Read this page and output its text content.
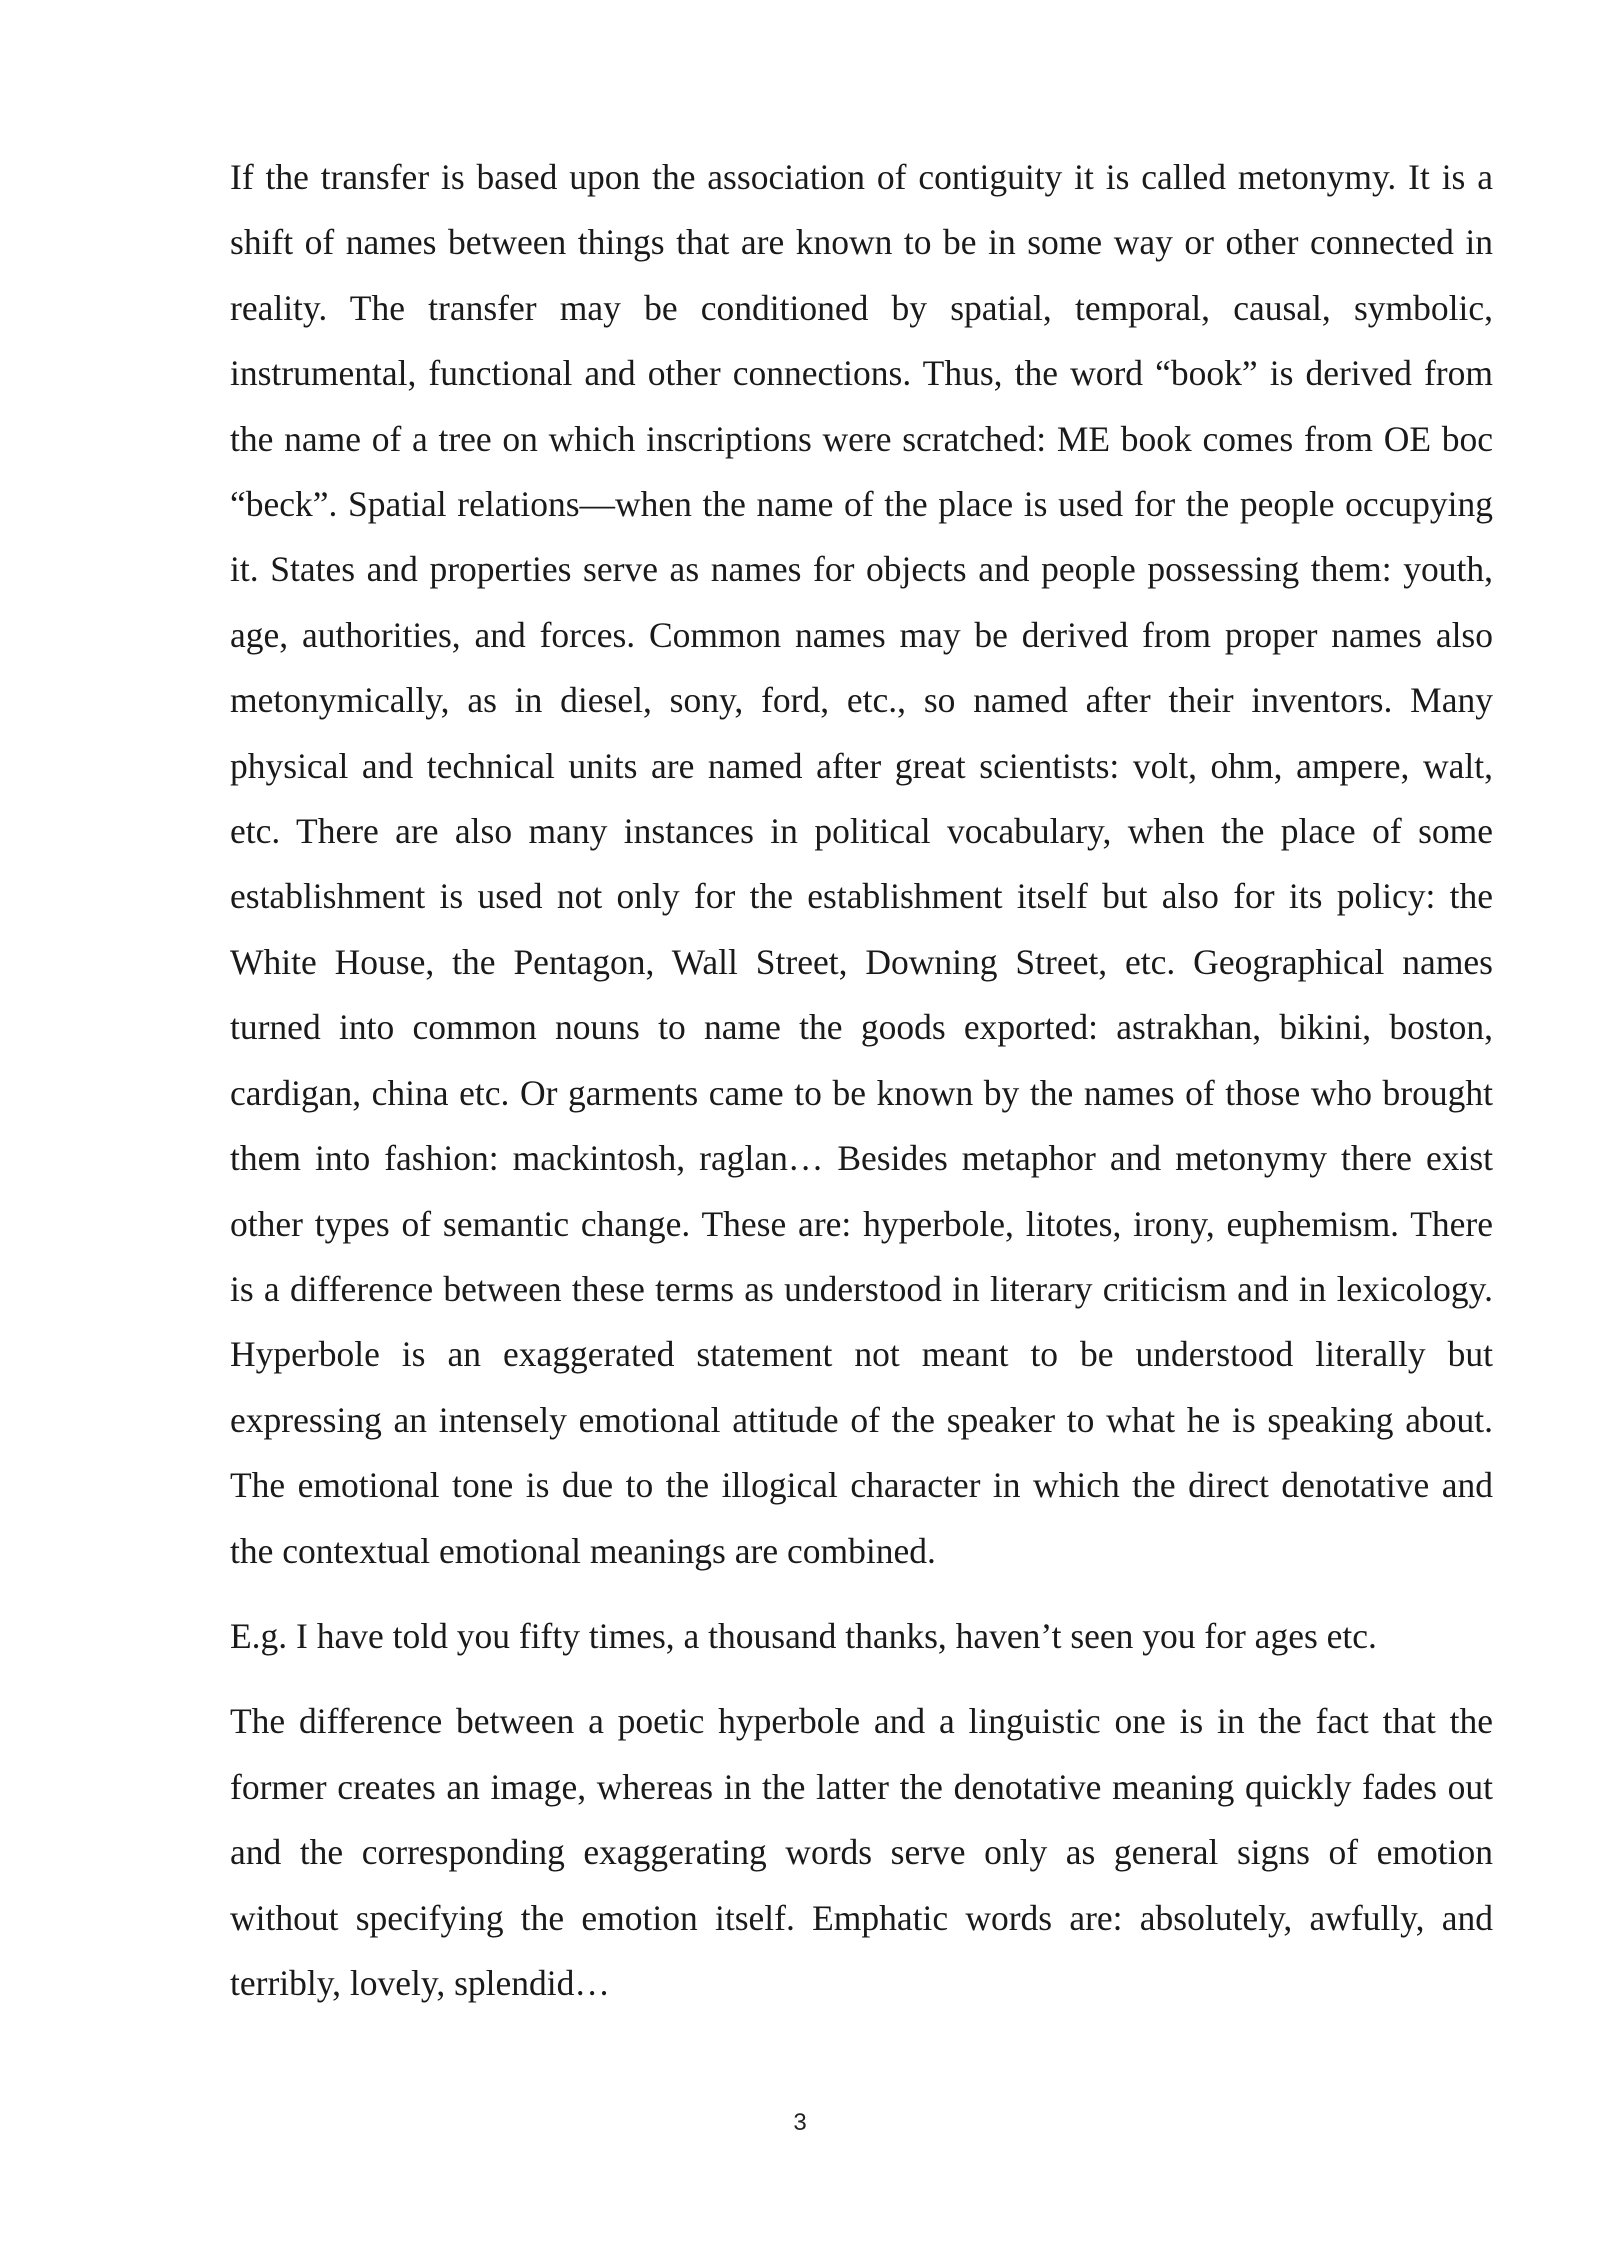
If the transfer is based upon the association of contiguity it is called metonymy. It is a shift of names between things that are known to be in some way or other connected in reality. The transfer may be conditioned by spatial, temporal, causal, symbolic, instrumental, functional and other connections. Thus, the word “book” is derived from the name of a tree on which inscriptions were scratched: ME book comes from OE boc “beck”. Spatial relations—when the name of the place is used for the people occupying it. States and properties serve as names for objects and people possessing them: youth, age, authorities, and forces. Common names may be derived from proper names also metonymically, as in diesel, sony, ford, etc., so named after their inventors. Many physical and technical units are named after great scientists: volt, ohm, ampere, walt, etc. There are also many instances in political vocabulary, when the place of some establishment is used not only for the establishment itself but also for its policy: the White House, the Pentagon, Wall Street, Downing Street, etc. Geographical names turned into common nouns to name the goods exported: astrakhan, bikini, boston, cardigan, china etc. Or garments came to be known by the names of those who brought them into fashion: mackintosh, raglan… Besides metaphor and metonymy there exist other types of semantic change. These are: hyperbole, litotes, irony, euphemism. There is a difference between these terms as understood in literary criticism and in lexicology. Hyperbole is an exaggerated statement not meant to be understood literally but expressing an intensely emotional attitude of the speaker to what he is speaking about. The emotional tone is due to the illogical character in which the direct denotative and the contextual emotional meanings are combined.

E.g. I have told you fifty times, a thousand thanks, haven’t seen you for ages etc.

The difference between a poetic hyperbole and a linguistic one is in the fact that the former creates an image, whereas in the latter the denotative meaning quickly fades out and the corresponding exaggerating words serve only as general signs of emotion without specifying the emotion itself. Emphatic words are: absolutely, awfully, and terribly, lovely, splendid…

3
